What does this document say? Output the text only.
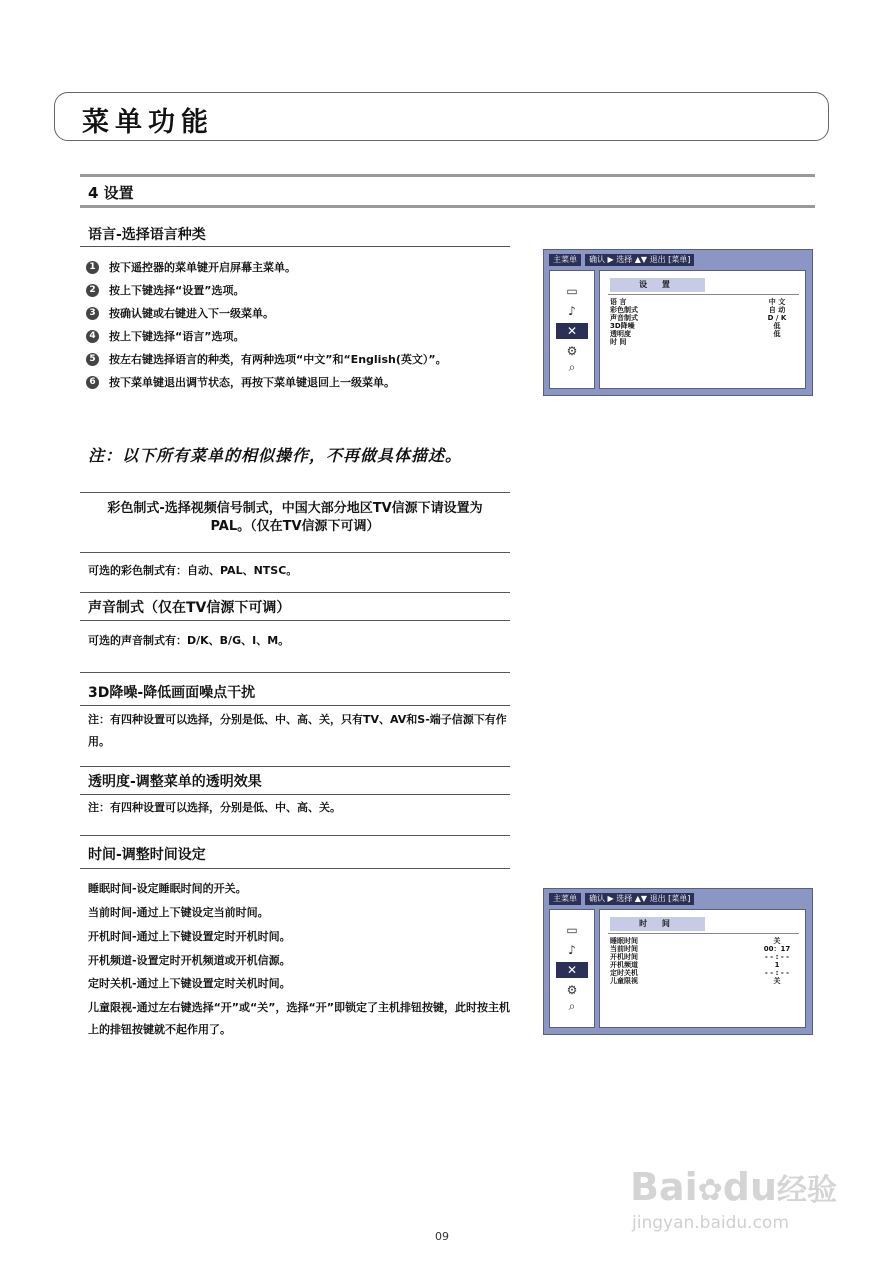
菜单功能
4 设置
语言-选择语言种类
1	按下遥控器的菜单键开启屏幕主菜单。
2	按上下键选择“设置”选项。
3	按确认键或右键进入下一级菜单。
4	按上下键选择“语言”选项。
5	按左右键选择语言的种类，有两种选项“中文”和“English(英文）”。
6	按下菜单键退出调节状态，再按下菜单键退回上一级菜单。
注：以下所有菜单的相似操作，不再做具体描述。
彩色制式-选择视频信号制式，中国大部分地区TV信源下请设置为PAL。（仅在TV信源下可调）
可选的彩色制式有：自动、PAL、NTSC。
声音制式（仅在TV信源下可调）
可选的声音制式有：D/K、B/G、I、M。
3D降噪-降低画面噪点干扰
注：有四种设置可以选择，分别是低、中、高、关，只有TV、AV和S-端子信源下有作用。
透明度-调整菜单的透明效果
注：有四种设置可以选择，分别是低、中、高、关。
时间-调整时间设定
睡眠时间-设定睡眠时间的开关。
当前时间-通过上下键设定当前时间。
开机时间-通过上下键设置定时开机时间。
开机频道-设置定时开机频道或开机信源。
定时关机-通过上下键设置定时关机时间。
儿童限视-通过左右键选择“开”或“关”，选择“开”即锁定了主机排钮按键，此时按主机上的排钮按键就不起作用了。
主菜单	确认 ▶ 选择 ▲▼ 退出 [菜单]
▭
♪
✕
⚙
⌕
设 置
语 言	中 文
彩色制式	自 动
声音制式	D / K
3D降噪	低
透明度	低
时 间
主菜单	确认 ▶ 选择 ▲▼ 退出 [菜单]
▭
♪
✕
⚙
⌕
时 间
睡眠时间	关
当前时间	00：17
开机时间	- - : - -
开机频道	1
定时关机	- - : - -
儿童限视	关
Bai✿du经验
jingyan.baidu.com
09
